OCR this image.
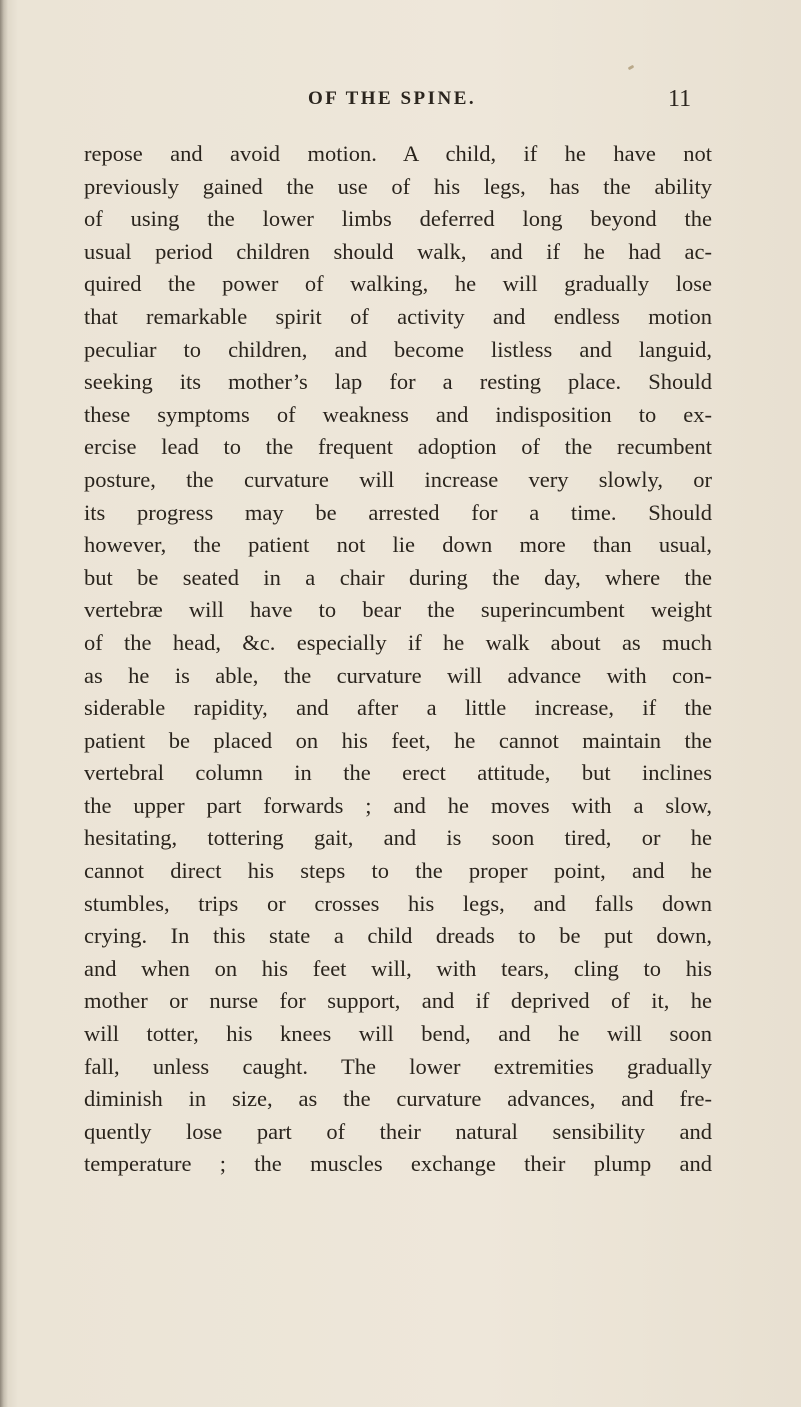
OF THE SPINE.	11
repose and avoid motion. A child, if he have not
previously gained the use of his legs, has the ability
of using the lower limbs deferred long beyond the
usual period children should walk, and if he had ac-
quired the power of walking, he will gradually lose
that remarkable spirit of activity and endless motion
peculiar to children, and become listless and languid,
seeking its mother’s lap for a resting place. Should
these symptoms of weakness and indisposition to ex-
ercise lead to the frequent adoption of the recumbent
posture, the curvature will increase very slowly, or
its progress may be arrested for a time. Should
however, the patient not lie down more than usual,
but be seated in a chair during the day, where the
vertebræ will have to bear the superincumbent weight
of the head, &c. especially if he walk about as much
as he is able, the curvature will advance with con-
siderable rapidity, and after a little increase, if the
patient be placed on his feet, he cannot maintain the
vertebral column in the erect attitude, but inclines
the upper part forwards ; and he moves with a slow,
hesitating, tottering gait, and is soon tired, or he
cannot direct his steps to the proper point, and he
stumbles, trips or crosses his legs, and falls down
crying. In this state a child dreads to be put down,
and when on his feet will, with tears, cling to his
mother or nurse for support, and if deprived of it, he
will totter, his knees will bend, and he will soon
fall, unless caught. The lower extremities gradually
diminish in size, as the curvature advances, and fre-
quently lose part of their natural sensibility and
temperature ; the muscles exchange their plump and
